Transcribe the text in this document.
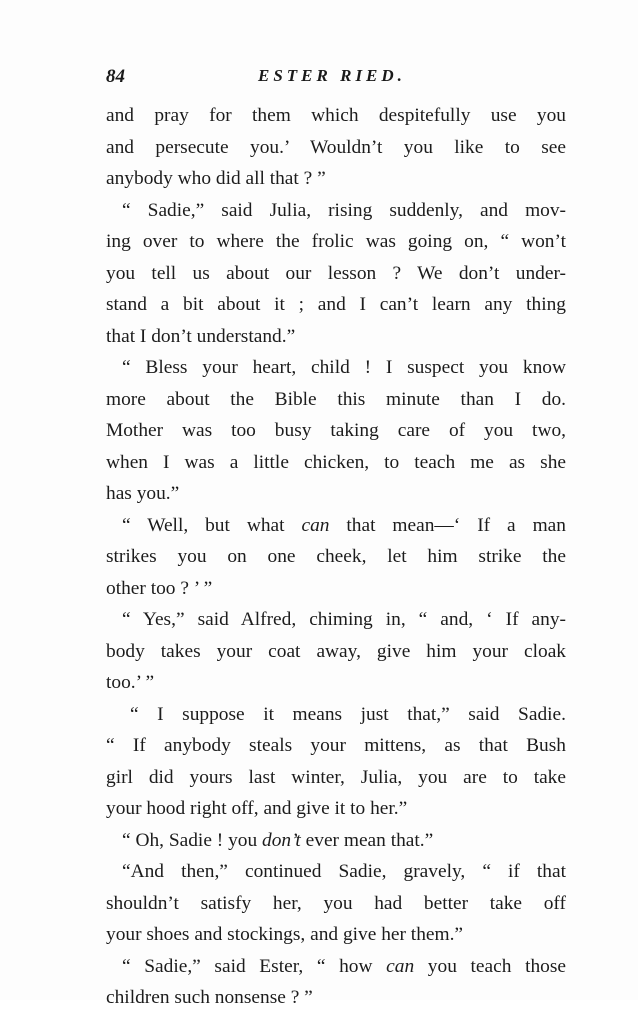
84	ESTER RIED.
and pray for them which despitefully use you
and persecute you.’ Wouldn’t you like to see
anybody who did all that ? ”
“ Sadie,” said Julia, rising suddenly, and mov-
ing over to where the frolic was going on, “ won’t
you tell us about our lesson ? We don’t under-
stand a bit about it ; and I can’t learn any thing
that I don’t understand.”
“ Bless your heart, child ! I suspect you know
more about the Bible this minute than I do.
Mother was too busy taking care of you two,
when I was a little chicken, to teach me as she
has you.”
“ Well, but what can that mean—‘ If a man
strikes you on one cheek, let him strike the
other too ? ’ ”
“ Yes,” said Alfred, chiming in, “ and, ‘ If any-
body takes your coat away, give him your cloak
too.’ ”
“ I suppose it means just that,” said Sadie.
“ If anybody steals your mittens, as that Bush
girl did yours last winter, Julia, you are to take
your hood right off, and give it to her.”
“ Oh, Sadie ! you don’t ever mean that.”
“And then,” continued Sadie, gravely, “ if that
shouldn’t satisfy her, you had better take off
your shoes and stockings, and give her them.”
“ Sadie,” said Ester, “ how can you teach those
children such nonsense ? ”
